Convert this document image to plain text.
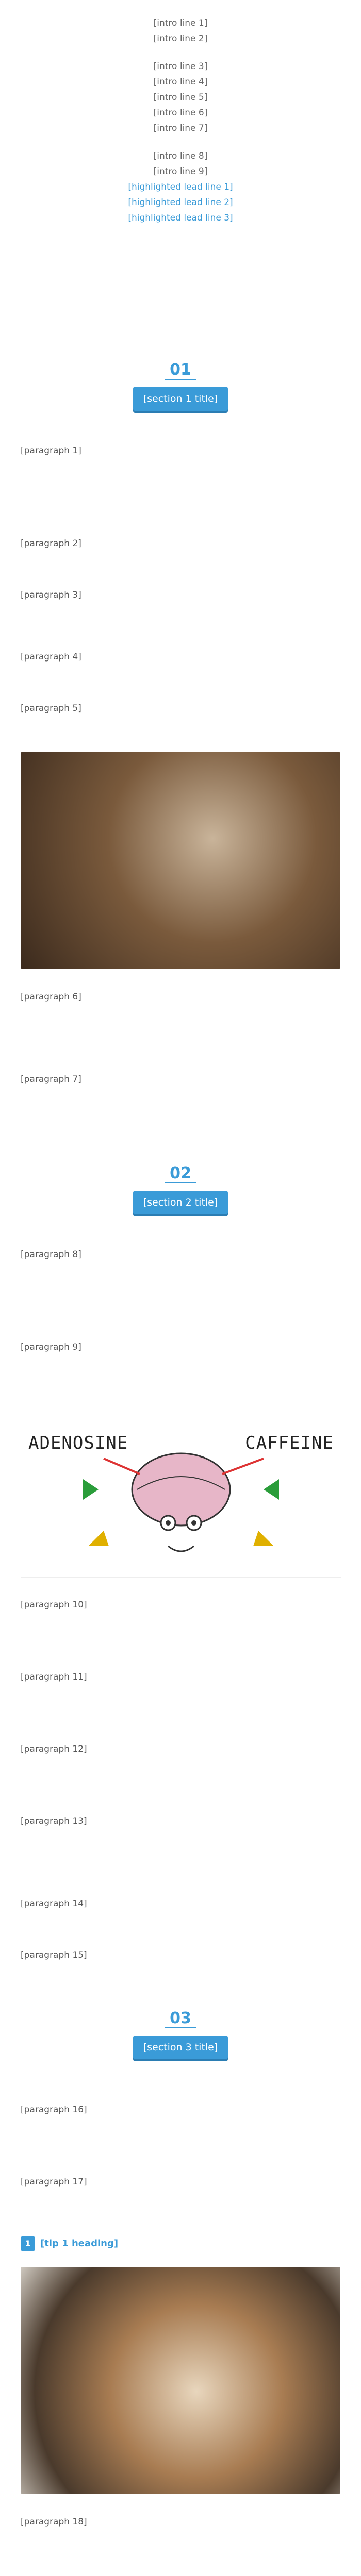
[intro line 1]
[intro line 2]
[intro line 3]
[intro line 4]
[intro line 5]
[intro line 6]
[intro line 7]
[intro line 8]
[intro line 9]
[highlighted lead line 1]
[highlighted lead line 2]
[highlighted lead line 3]
01
[section 1 title]

[paragraph 1]

[paragraph 2]

[paragraph 3]

[paragraph 4]

[paragraph 5]

[paragraph 6]

[paragraph 7]

02
[section 2 title]

[paragraph 8]

[paragraph 9]

ADENOSINE	CAFFEINE

[paragraph 10]

[paragraph 11]

[paragraph 12]

[paragraph 13]

[paragraph 14]

[paragraph 15]

03
[section 3 title]

[paragraph 16]

[paragraph 17]

1 [tip 1 heading]

[paragraph 18]
